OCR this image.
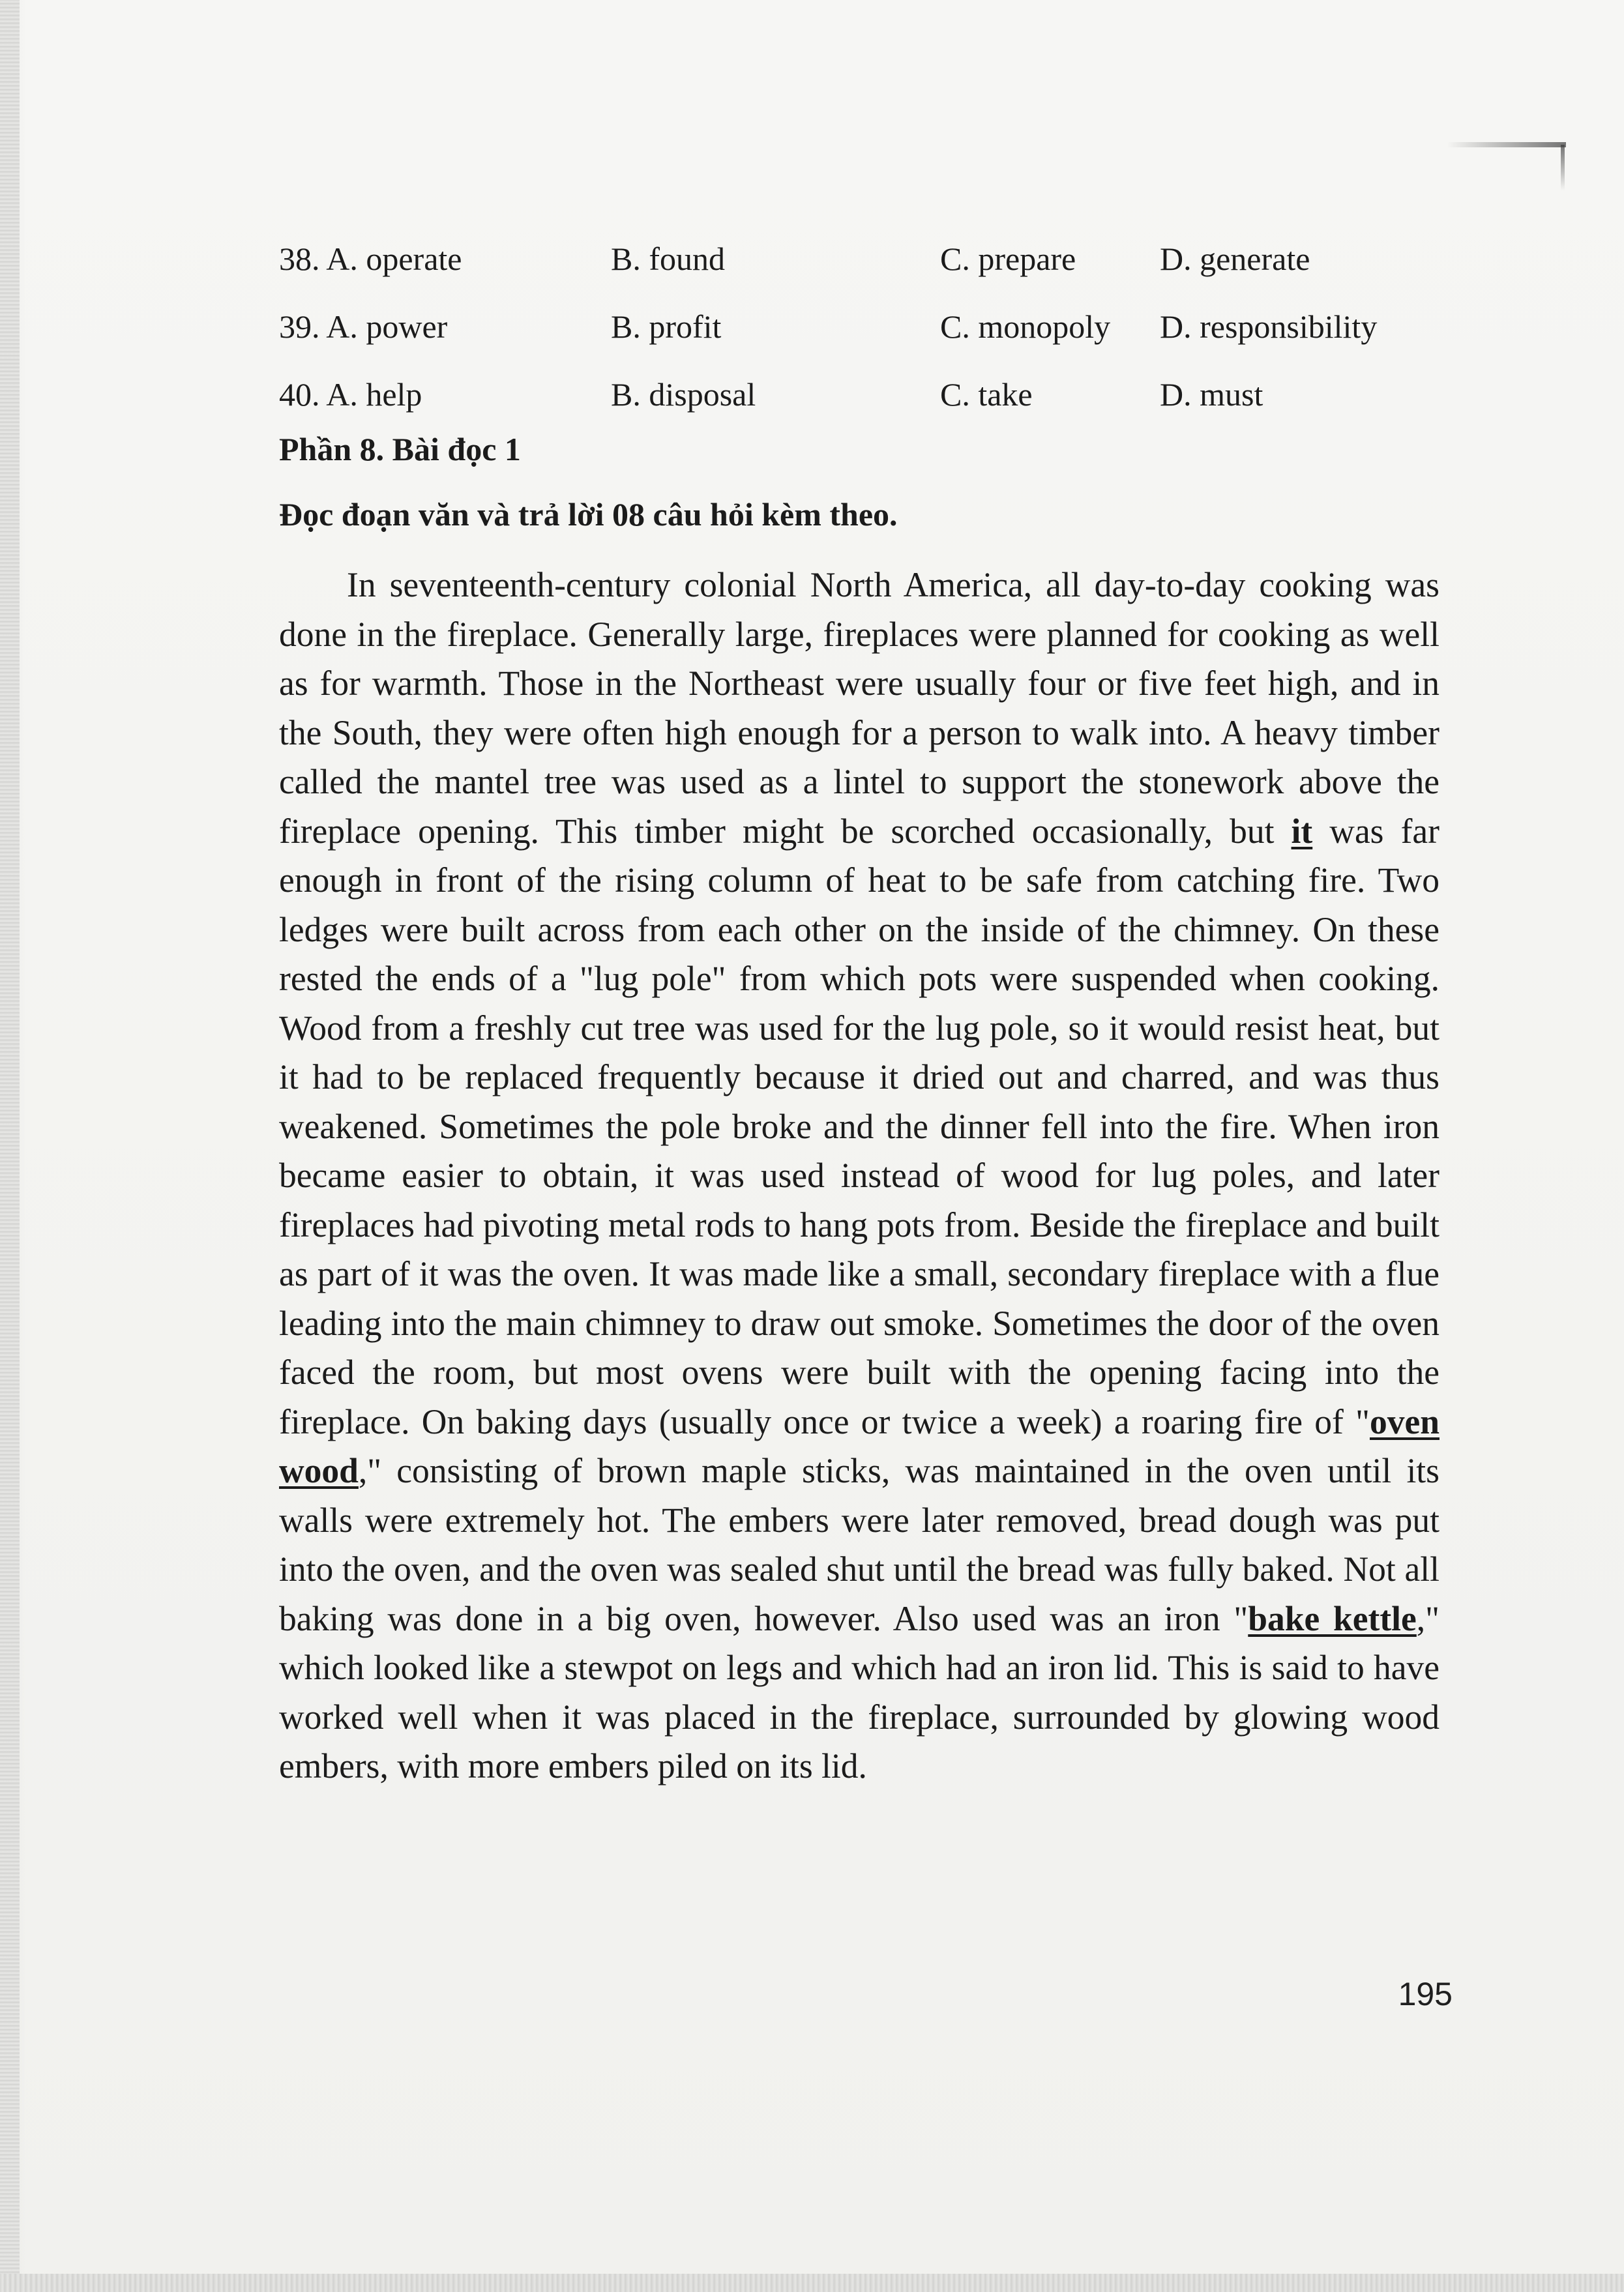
38. A. operate	B. found	C. prepare	D. generate
39. A. power	B. profit	C. monopoly D. responsibility
40. A. help	B. disposal	C. take	D. must
Phần 8. Bài đọc 1
Đọc đoạn văn và trả lời 08 câu hỏi kèm theo.

In seventeenth-century colonial North America, all day-to-day cooking was done in the fireplace. Generally large, fireplaces were planned for cooking as well as for warmth. Those in the Northeast were usually four or five feet high, and in the South, they were often high enough for a person to walk into. A heavy timber called the mantel tree was used as a lintel to support the stonework above the fireplace opening. This timber might be scorched occasionally, but it was far enough in front of the rising column of heat to be safe from catching fire. Two ledges were built across from each other on the inside of the chimney. On these rested the ends of a "lug pole" from which pots were suspended when cooking. Wood from a freshly cut tree was used for the lug pole, so it would resist heat, but it had to be replaced frequently because it dried out and charred, and was thus weakened. Sometimes the pole broke and the dinner fell into the fire. When iron became easier to obtain, it was used instead of wood for lug poles, and later fireplaces had pivoting metal rods to hang pots from. Beside the fireplace and built as part of it was the oven. It was made like a small, secondary fireplace with a flue leading into the main chimney to draw out smoke. Sometimes the door of the oven faced the room, but most ovens were built with the opening facing into the fireplace. On baking days (usually once or twice a week) a roaring fire of "oven wood," consisting of brown maple sticks, was maintained in the oven until its walls were extremely hot. The embers were later removed, bread dough was put into the oven, and the oven was sealed shut until the bread was fully baked. Not all baking was done in a big oven, however. Also used was an iron "bake kettle," which looked like a stewpot on legs and which had an iron lid. This is said to have worked well when it was placed in the fireplace, surrounded by glowing wood embers, with more embers piled on its lid.

195
